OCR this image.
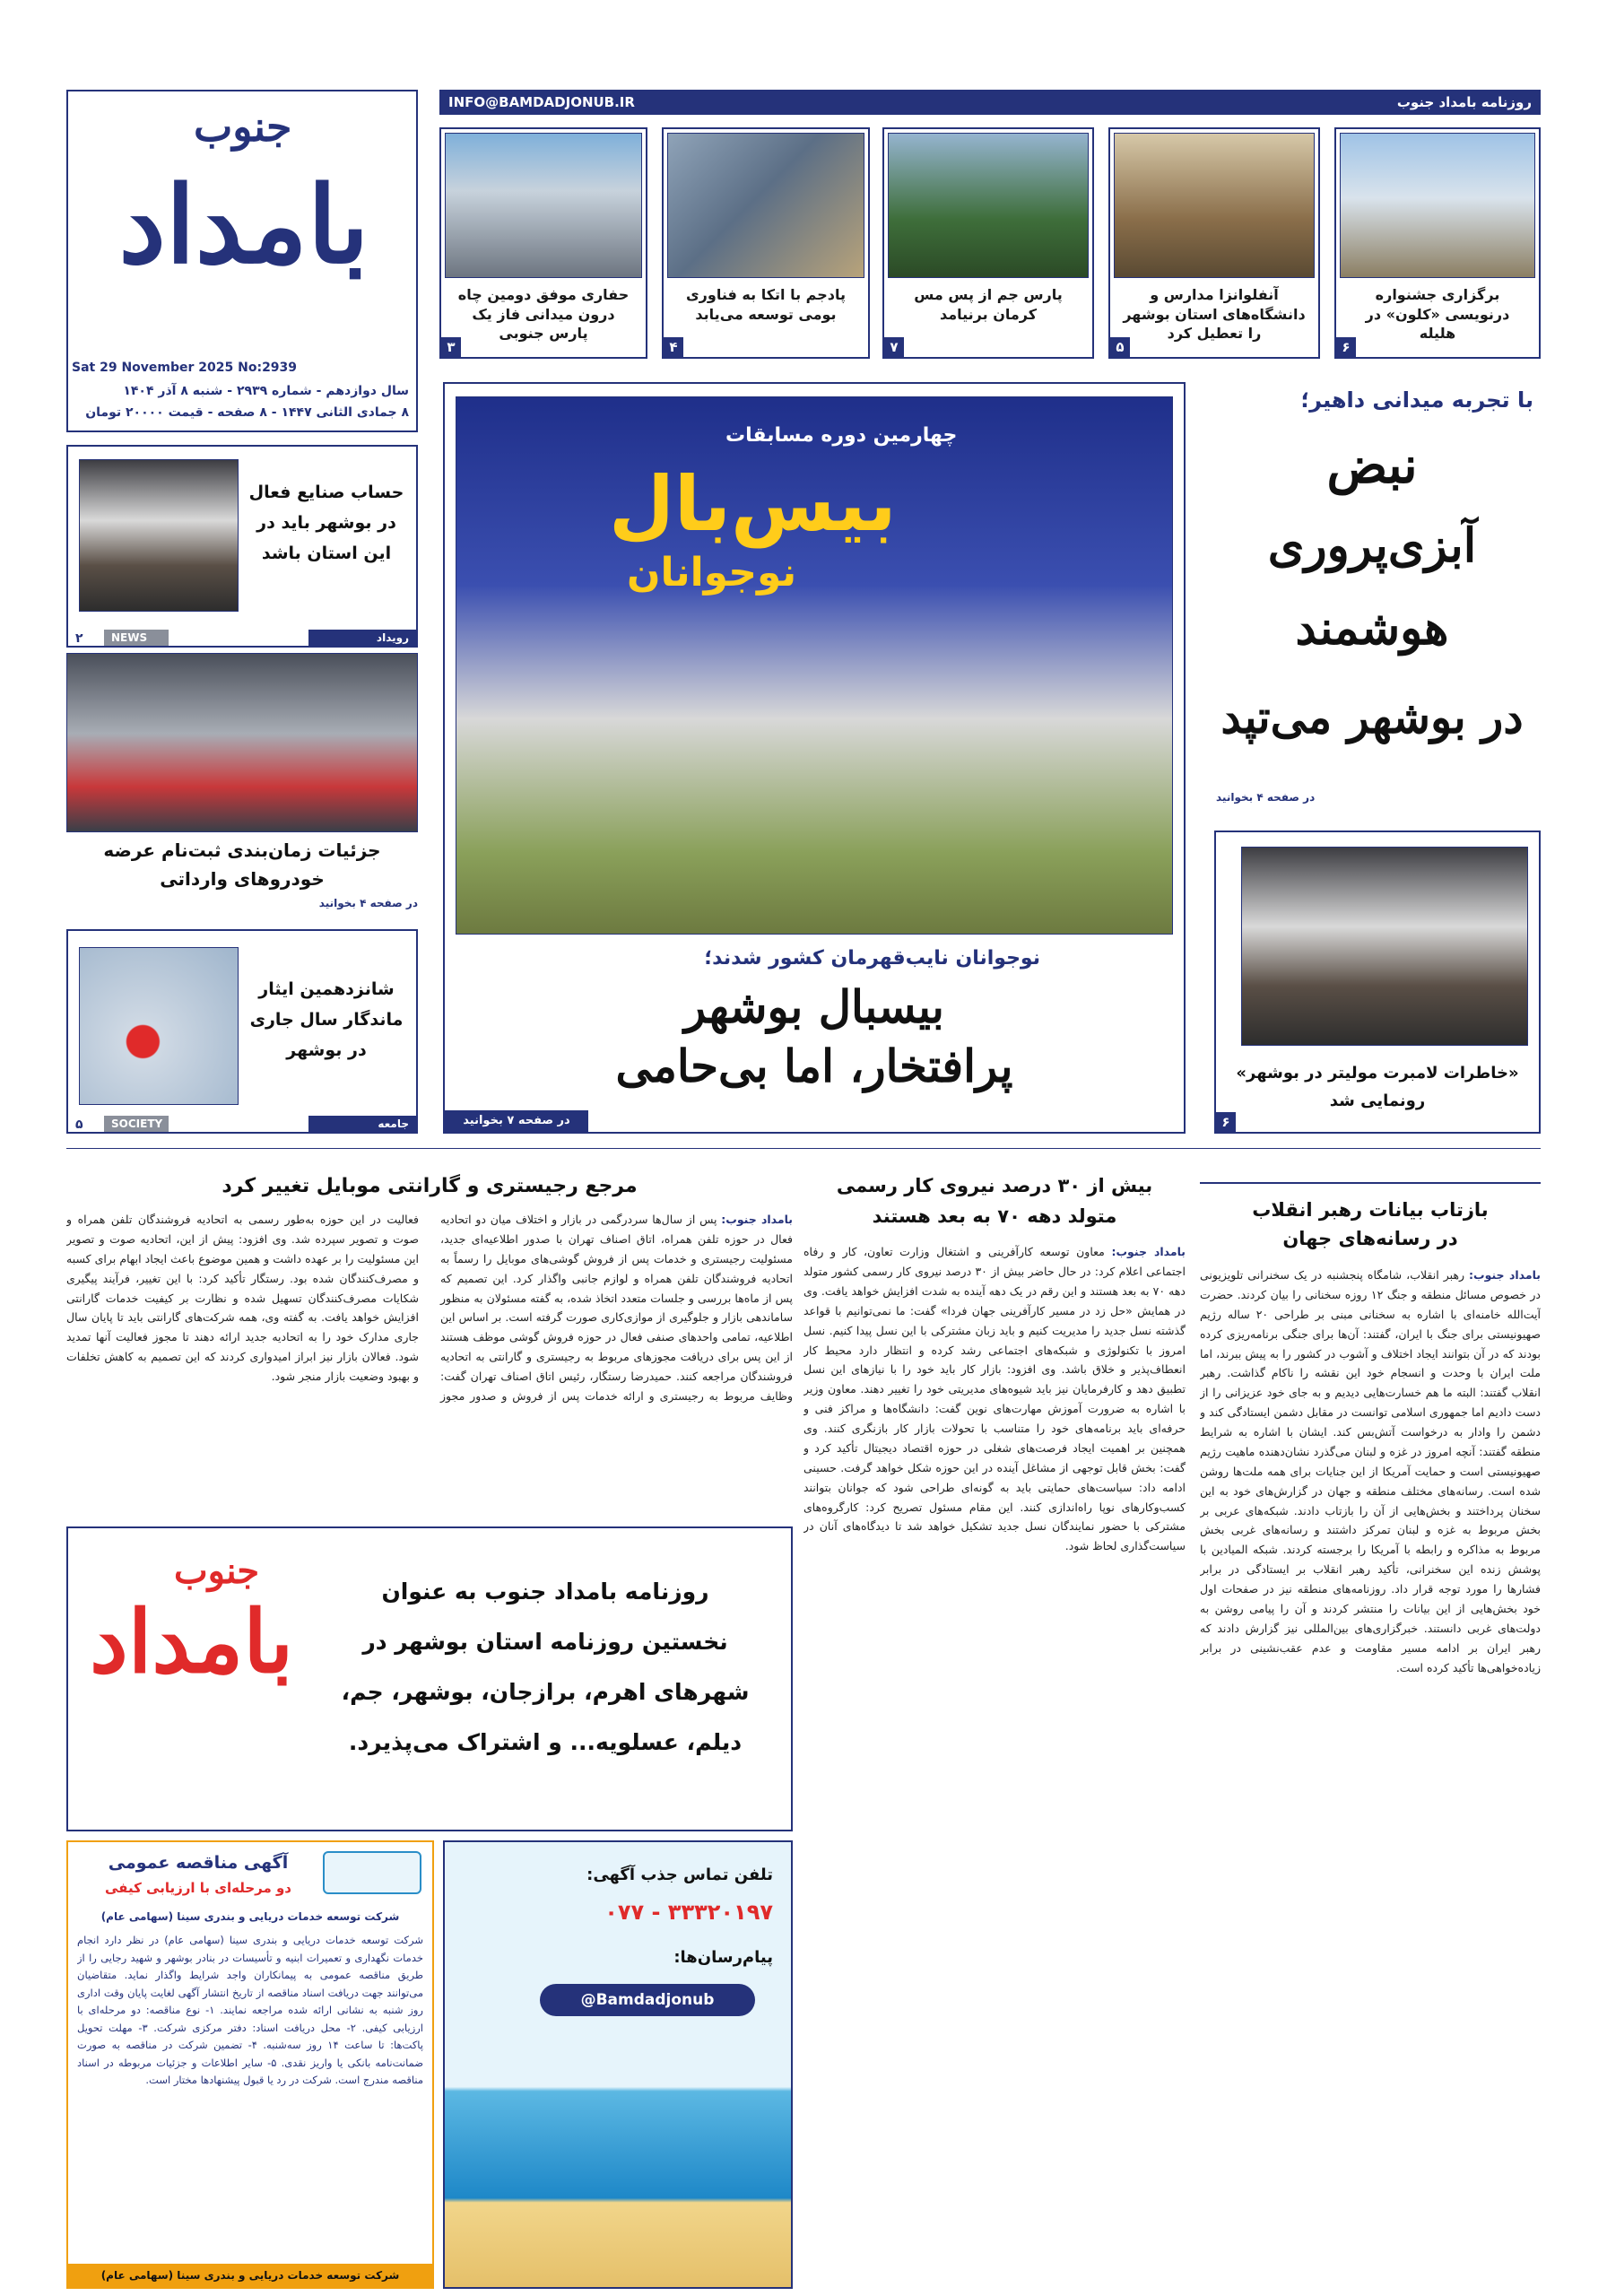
جنوب
بامداد
Sat 29 November 2025 No:2939
سال دوازدهم - شماره ۲۹۳۹ - شنبه ۸ آذر ۱۴۰۴
۸ جمادی الثانی ۱۴۴۷ - ۸ صفحه - قیمت ۲۰۰۰۰ تومان
INFO@BAMDADJONUB.IR	روزنامه بامداد جنوب
برگزاری جشنواره درنویسی «کلون» در هلیله
۶
آنفلوانزا مدارس و دانشگاه‌های استان بوشهر را تعطیل کرد
۵
پارس جم از پس مس کرمان برنیامد
۷
پادجم با اتکا به فناوری بومی توسعه می‌یابد
۴
حفاری موفق دومین چاه درون میدانی فاز یک پارس جنوبی
۳
حساب صنایع فعال در بوشهر باید در این استان باشد
رویداد
NEWS
۲
جزئیات زمان‌بندی ثبت‌نام عرضه خودروهای وارداتی
در صفحه ۴ بخوانید
شانزدهمین ایثار ماندگار سال جاری در بوشهر
جامعه
SOCIETY
۵
چهارمین دوره مسابقات
بیس‌بال
نوجوانان
نوجوانان نایب‌قهرمان کشور شدند؛
بیسبال بوشهر
پرافتخار، اما بی‌حامی
در صفحه ۷ بخوانید
با تجربه میدانی داهیر؛
نبض
آبزی‌پروری
هوشمند
در بوشهر می‌تپد
در صفحه ۴ بخوانید
«خاطرات لامبرت مولیتر در بوشهر» رونمایی شد
۶
بازتاب بیانات رهبر انقلاب در رسانه‌های جهان
بامداد جنوب: رهبر انقلاب، شامگاه پنجشنبه در یک سخنرانی تلویزیونی در خصوص مسائل منطقه و جنگ ۱۲ روزه سخنانی را بیان کردند. حضرت آیت‌الله خامنه‌ای با اشاره به سخنانی مبنی بر طراحی ۲۰ ساله رژیم صهیونیستی برای جنگ با ایران، گفتند: آن‌ها برای جنگی برنامه‌ریزی کرده بودند که در آن بتوانند ایجاد اختلاف و آشوب در کشور را به پیش ببرند، اما ملت ایران با وحدت و انسجام خود این نقشه را ناکام گذاشت. رهبر انقلاب گفتند: البته ما هم خسارت‌هایی دیدیم و به جای خود عزیزانی را از دست دادیم اما جمهوری اسلامی توانست در مقابل دشمن ایستادگی کند و دشمن را وادار به درخواست آتش‌بس کند. ایشان با اشاره به شرایط منطقه گفتند: آنچه امروز در غزه و لبنان می‌گذرد نشان‌دهنده ماهیت رژیم صهیونیستی است و حمایت آمریکا از این جنایات برای همه ملت‌ها روشن شده است. رسانه‌های مختلف منطقه و جهان در گزارش‌های خود به این سخنان پرداختند و بخش‌هایی از آن را بازتاب دادند. شبکه‌های عربی بر بخش مربوط به غزه و لبنان تمرکز داشتند و رسانه‌های غربی بخش مربوط به مذاکره و رابطه با آمریکا را برجسته کردند. شبکه المیادین با پوشش زنده این سخنرانی، تأکید رهبر انقلاب بر ایستادگی در برابر فشارها را مورد توجه قرار داد. روزنامه‌های منطقه نیز در صفحات اول خود بخش‌هایی از این بیانات را منتشر کردند و آن را پیامی روشن به دولت‌های غربی دانستند. خبرگزاری‌های بین‌المللی نیز گزارش دادند که رهبر ایران بر ادامه مسیر مقاومت و عدم عقب‌نشینی در برابر زیاده‌خواهی‌ها تأکید کرده است.
بیش از ۳۰ درصد نیروی کار رسمی متولد دهه ۷۰ به بعد هستند
بامداد جنوب: معاون توسعه کارآفرینی و اشتغال وزارت تعاون، کار و رفاه اجتماعی اعلام کرد: در حال حاضر بیش از ۳۰ درصد نیروی کار رسمی کشور متولد دهه ۷۰ به بعد هستند و این رقم در یک دهه آینده به شدت افزایش خواهد یافت. وی در همایش «حل زد در مسیر کارآفرینی جهان فردا» گفت: ما نمی‌توانیم با قواعد گذشته نسل جدید را مدیریت کنیم و باید زبان مشترکی با این نسل پیدا کنیم. نسل امروز با تکنولوژی و شبکه‌های اجتماعی رشد کرده و انتظار دارد محیط کار انعطاف‌پذیر و خلاق باشد. وی افزود: بازار کار باید خود را با نیازهای این نسل تطبیق دهد و کارفرمایان نیز باید شیوه‌های مدیریتی خود را تغییر دهند. معاون وزیر با اشاره به ضرورت آموزش مهارت‌های نوین گفت: دانشگاه‌ها و مراکز فنی و حرفه‌ای باید برنامه‌های خود را متناسب با تحولات بازار کار بازنگری کنند. وی همچنین بر اهمیت ایجاد فرصت‌های شغلی در حوزه اقتصاد دیجیتال تأکید کرد و گفت: بخش قابل توجهی از مشاغل آینده در این حوزه شکل خواهد گرفت. حسینی ادامه داد: سیاست‌های حمایتی باید به گونه‌ای طراحی شود که جوانان بتوانند کسب‌وکارهای نوپا راه‌اندازی کنند. این مقام مسئول تصریح کرد: کارگروه‌های مشترکی با حضور نمایندگان نسل جدید تشکیل خواهد شد تا دیدگاه‌های آنان در سیاست‌گذاری لحاظ شود.
مرجع رجیستری و گارانتی موبایل تغییر کرد
بامداد جنوب: پس از سال‌ها سردرگمی در بازار و اختلاف میان دو اتحادیه فعال در حوزه تلفن همراه، اتاق اصناف تهران با صدور اطلاعیه‌ای جدید، مسئولیت رجیستری و خدمات پس از فروش گوشی‌های موبایل را رسماً به اتحادیه فروشندگان تلفن همراه و لوازم جانبی واگذار کرد. این تصمیم که پس از ماه‌ها بررسی و جلسات متعدد اتخاذ شده، به گفته مسئولان به منظور ساماندهی بازار و جلوگیری از موازی‌کاری صورت گرفته است. بر اساس این اطلاعیه، تمامی واحدهای صنفی فعال در حوزه فروش گوشی موظف هستند از این پس برای دریافت مجوزهای مربوط به رجیستری و گارانتی به اتحادیه فروشندگان مراجعه کنند. حمیدرضا رستگار، رئیس اتاق اصناف تهران گفت: وظایف مربوط به رجیستری و ارائه خدمات پس از فروش و صدور مجوز فعالیت در این حوزه به‌طور رسمی به اتحادیه فروشندگان تلفن همراه و صوت و تصویر سپرده شد. وی افزود: پیش از این، اتحادیه صوت و تصویر این مسئولیت را بر عهده داشت و همین موضوع باعث ایجاد ابهام برای کسبه و مصرف‌کنندگان شده بود. رستگار تأکید کرد: با این تغییر، فرآیند پیگیری شکایات مصرف‌کنندگان تسهیل شده و نظارت بر کیفیت خدمات گارانتی افزایش خواهد یافت. به گفته وی، همه شرکت‌های گارانتی باید تا پایان سال جاری مدارک خود را به اتحادیه جدید ارائه دهند تا مجوز فعالیت آنها تمدید شود. فعالان بازار نیز ابراز امیدواری کردند که این تصمیم به کاهش تخلفات و بهبود وضعیت بازار منجر شود.
بامداد
جنوب	روزنامه بامداد جنوب به عنوان
نخستین روزنامه استان بوشهر در
شهرهای اهرم، برازجان، بوشهر، جم،
دیلم، عسلویه... و اشتراک می‌پذیرد.
تلفن تماس جذب آگهی:
۰۷۷ - ۳۳۳۲۰۱۹۷
پیام‌رسان‌ها:
@Bamdadjonub
آگهی مناقصه عمومی
دو مرحله‌ای با ارزیابی کیفی
شرکت توسعه خدمات دریایی و بندری سینا (سهامی عام)
شرکت توسعه خدمات دریایی و بندری سینا (سهامی عام) در نظر دارد انجام خدمات نگهداری و تعمیرات ابنیه و تأسیسات در بنادر بوشهر و شهید رجایی را از طریق مناقصه عمومی به پیمانکاران واجد شرایط واگذار نماید. متقاضیان می‌توانند جهت دریافت اسناد مناقصه از تاریخ انتشار آگهی لغایت پایان وقت اداری روز شنبه به نشانی ارائه شده مراجعه نمایند. ۱- نوع مناقصه: دو مرحله‌ای با ارزیابی کیفی. ۲- محل دریافت اسناد: دفتر مرکزی شرکت. ۳- مهلت تحویل پاکت‌ها: تا ساعت ۱۴ روز سه‌شنبه. ۴- تضمین شرکت در مناقصه به صورت ضمانت‌نامه بانکی یا واریز نقدی. ۵- سایر اطلاعات و جزئیات مربوطه در اسناد مناقصه مندرج است. شرکت در رد یا قبول پیشنهادها مختار است.
شرکت توسعه خدمات دریایی و بندری سینا (سهامی عام)
